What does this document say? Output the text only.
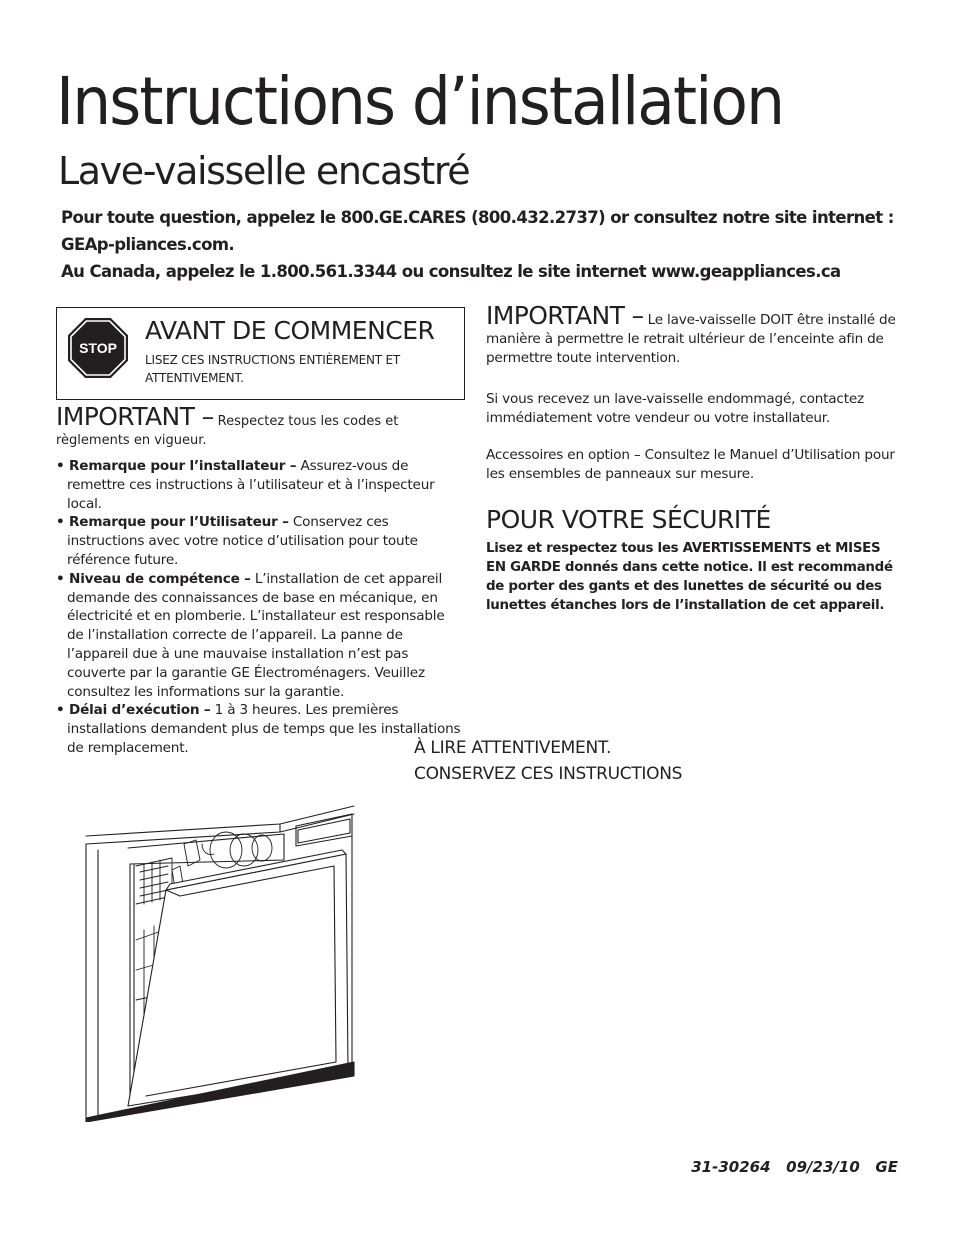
Instructions d’installation
Lave-vaisselle encastré

Pour toute question, appelez le 800.GE.CARES (800.432.2737) or consultez notre site internet : GEAp-pliances.com.

Au Canada, appelez le 1.800.561.3344 ou consultez le site internet www.geappliances.ca

STOP
AVANT DE COMMENCER
LISEZ CES INSTRUCTIONS ENTIÈREMENT ET ATTENTIVEMENT.
IMPORTANT – Respectez tous les codes et règlements en vigueur.
• Remarque pour l’installateur – Assurez-vous de remettre ces instructions à l’utilisateur et à l’inspecteur local.
• Remarque pour l’Utilisateur – Conservez ces instructions avec votre notice d’utilisation pour toute référence future.
• Niveau de compétence – L’installation de cet appareil demande des connaissances de base en mécanique, en électricité et en plomberie. L’installateur est responsable de l’installation correcte de l’appareil. La panne de l’appareil due à une mauvaise installation n’est pas couverte par la garantie GE Électroménagers. Veuillez consultez les informations sur la garantie.
• Délai d’exécution – 1 à 3 heures. Les premières installations demandent plus de temps que les installations de remplacement.
IMPORTANT – Le lave-vaisselle DOIT être installé de manière à permettre le retrait ultérieur de l’enceinte afin de permettre toute intervention.

Si vous recevez un lave-vaisselle endommagé, contactez immédiatement votre vendeur ou votre installateur.

Accessoires en option – Consultez le Manuel d’Utilisation pour les ensembles de panneaux sur mesure.

POUR VOTRE SÉCURITÉ

Lisez et respectez tous les AVERTISSEMENTS et MISES EN GARDE donnés dans cette notice. Il est recommandé de porter des gants et des lunettes de sécurité ou des lunettes étanches lors de l’installation de cet appareil.

À LIRE ATTENTIVEMENT.
CONSERVEZ CES INSTRUCTIONS
31-30264   09/23/10   GE
